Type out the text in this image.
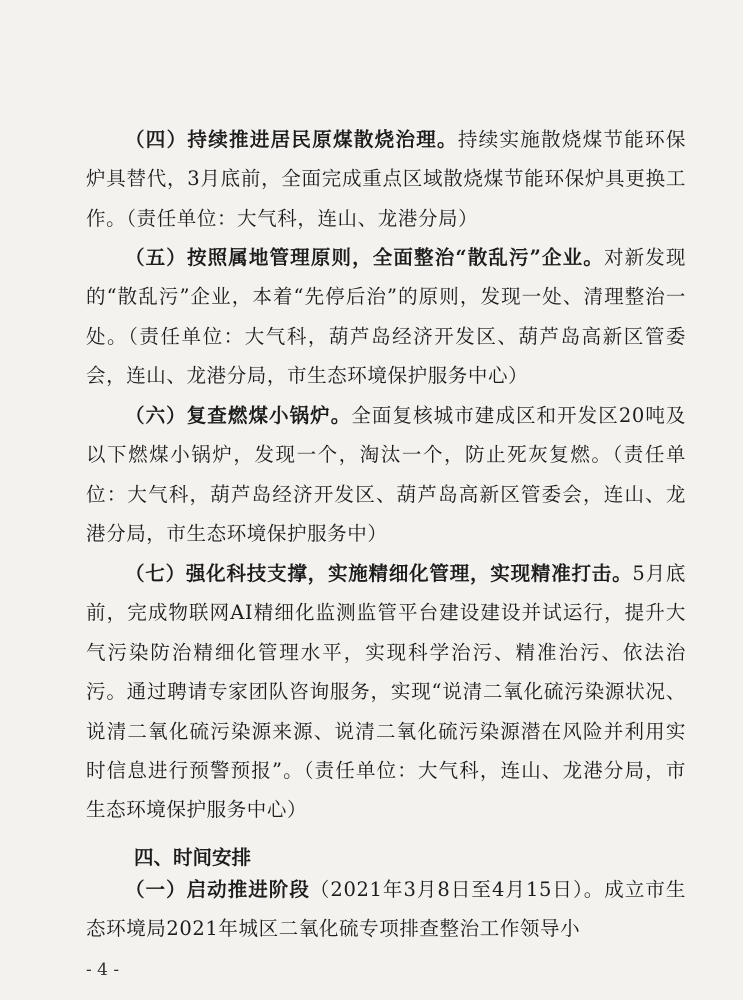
（四）持续推进居民原煤散烧治理。持续实施散烧煤节能环保炉具替代，3月底前，全面完成重点区域散烧煤节能环保炉具更换工作。（责任单位：大气科，连山、龙港分局）

（五）按照属地管理原则，全面整治“散乱污”企业。对新发现的“散乱污”企业，本着“先停后治”的原则，发现一处、清理整治一处。（责任单位：大气科，葫芦岛经济开发区、葫芦岛高新区管委会，连山、龙港分局，市生态环境保护服务中心）

（六）复查燃煤小锅炉。全面复核城市建成区和开发区20吨及以下燃煤小锅炉，发现一个，淘汰一个，防止死灰复燃。（责任单位：大气科，葫芦岛经济开发区、葫芦岛高新区管委会，连山、龙港分局，市生态环境保护服务中）

（七）强化科技支撑，实施精细化管理，实现精准打击。5月底前，完成物联网AI精细化监测监管平台建设建设并试运行，提升大气污染防治精细化管理水平，实现科学治污、精准治污、依法治污。通过聘请专家团队咨询服务，实现“说清二氧化硫污染源状况、说清二氧化硫污染源来源、说清二氧化硫污染源潜在风险并利用实时信息进行预警预报”。（责任单位：大气科，连山、龙港分局，市生态环境保护服务中心）

四、时间安排

（一）启动推进阶段（2021年3月8日至4月15日）。成立市生态环境局2021年城区二氧化硫专项排查整治工作领导小

- 4 -
